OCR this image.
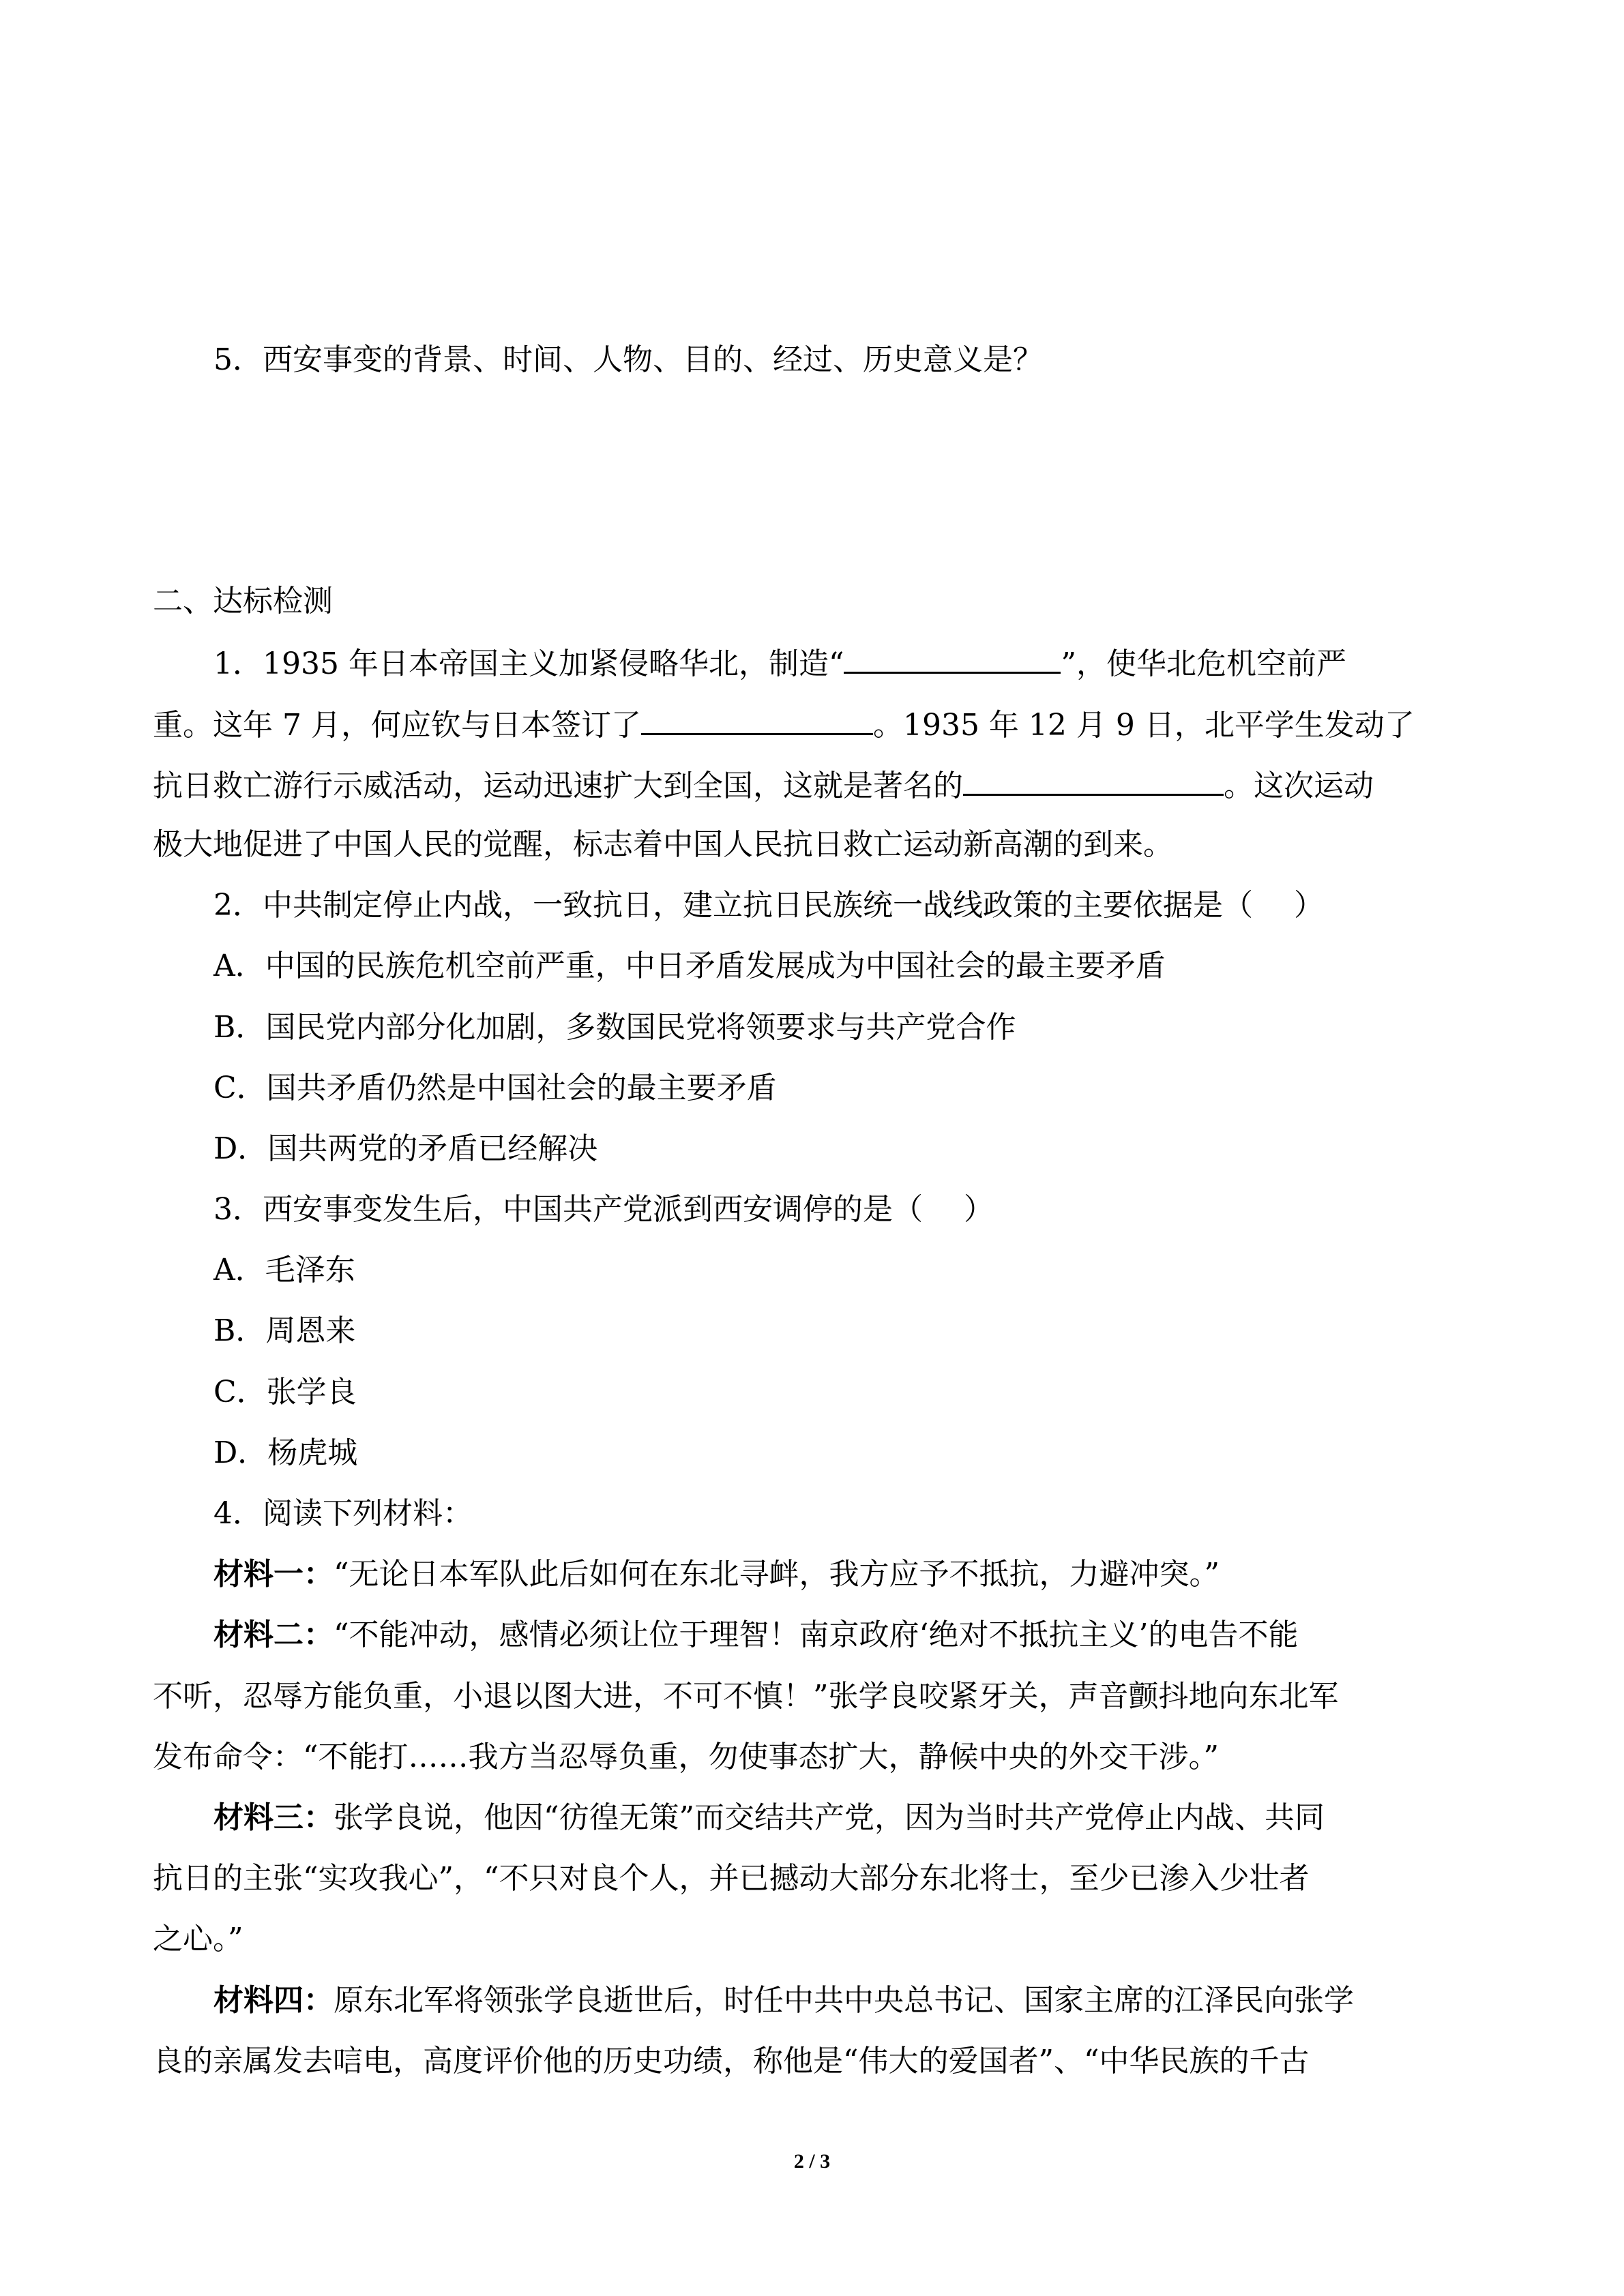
5．西安事变的背景、时间、人物、目的、经过、历史意义是？
二、达标检测
1．1935 年日本帝国主义加紧侵略华北，制造“	”，使华北危机空前严
重。这年 7 月，何应钦与日本签订了	。1935 年 12 月 9 日，北平学生发动了
抗日救亡游行示威活动，运动迅速扩大到全国，这就是著名的	。这次运动
极大地促进了中国人民的觉醒，标志着中国人民抗日救亡运动新高潮的到来。
2．中共制定停止内战，一致抗日，建立抗日民族统一战线政策的主要依据是（ ）
A．中国的民族危机空前严重，中日矛盾发展成为中国社会的最主要矛盾
B．国民党内部分化加剧，多数国民党将领要求与共产党合作
C．国共矛盾仍然是中国社会的最主要矛盾
D．国共两党的矛盾已经解决
3．西安事变发生后，中国共产党派到西安调停的是（ ）
A．毛泽东
B．周恩来
C．张学良
D．杨虎城
4．阅读下列材料：
材料一：“无论日本军队此后如何在东北寻衅，我方应予不抵抗，力避冲突。”
材料二：“不能冲动，感情必须让位于理智！南京政府‘绝对不抵抗主义’的电告不能
不听，忍辱方能负重，小退以图大进，不可不慎！”张学良咬紧牙关，声音颤抖地向东北军
发布命令：“不能打……我方当忍辱负重，勿使事态扩大，静候中央的外交干涉。”
材料三：张学良说，他因“彷徨无策”而交结共产党，因为当时共产党停止内战、共同
抗日的主张“实攻我心”，“不只对良个人，并已撼动大部分东北将士，至少已渗入少壮者
之心。”
材料四：原东北军将领张学良逝世后，时任中共中央总书记、国家主席的江泽民向张学
良的亲属发去唁电，高度评价他的历史功绩，称他是“伟大的爱国者”、“中华民族的千古
2 / 3
